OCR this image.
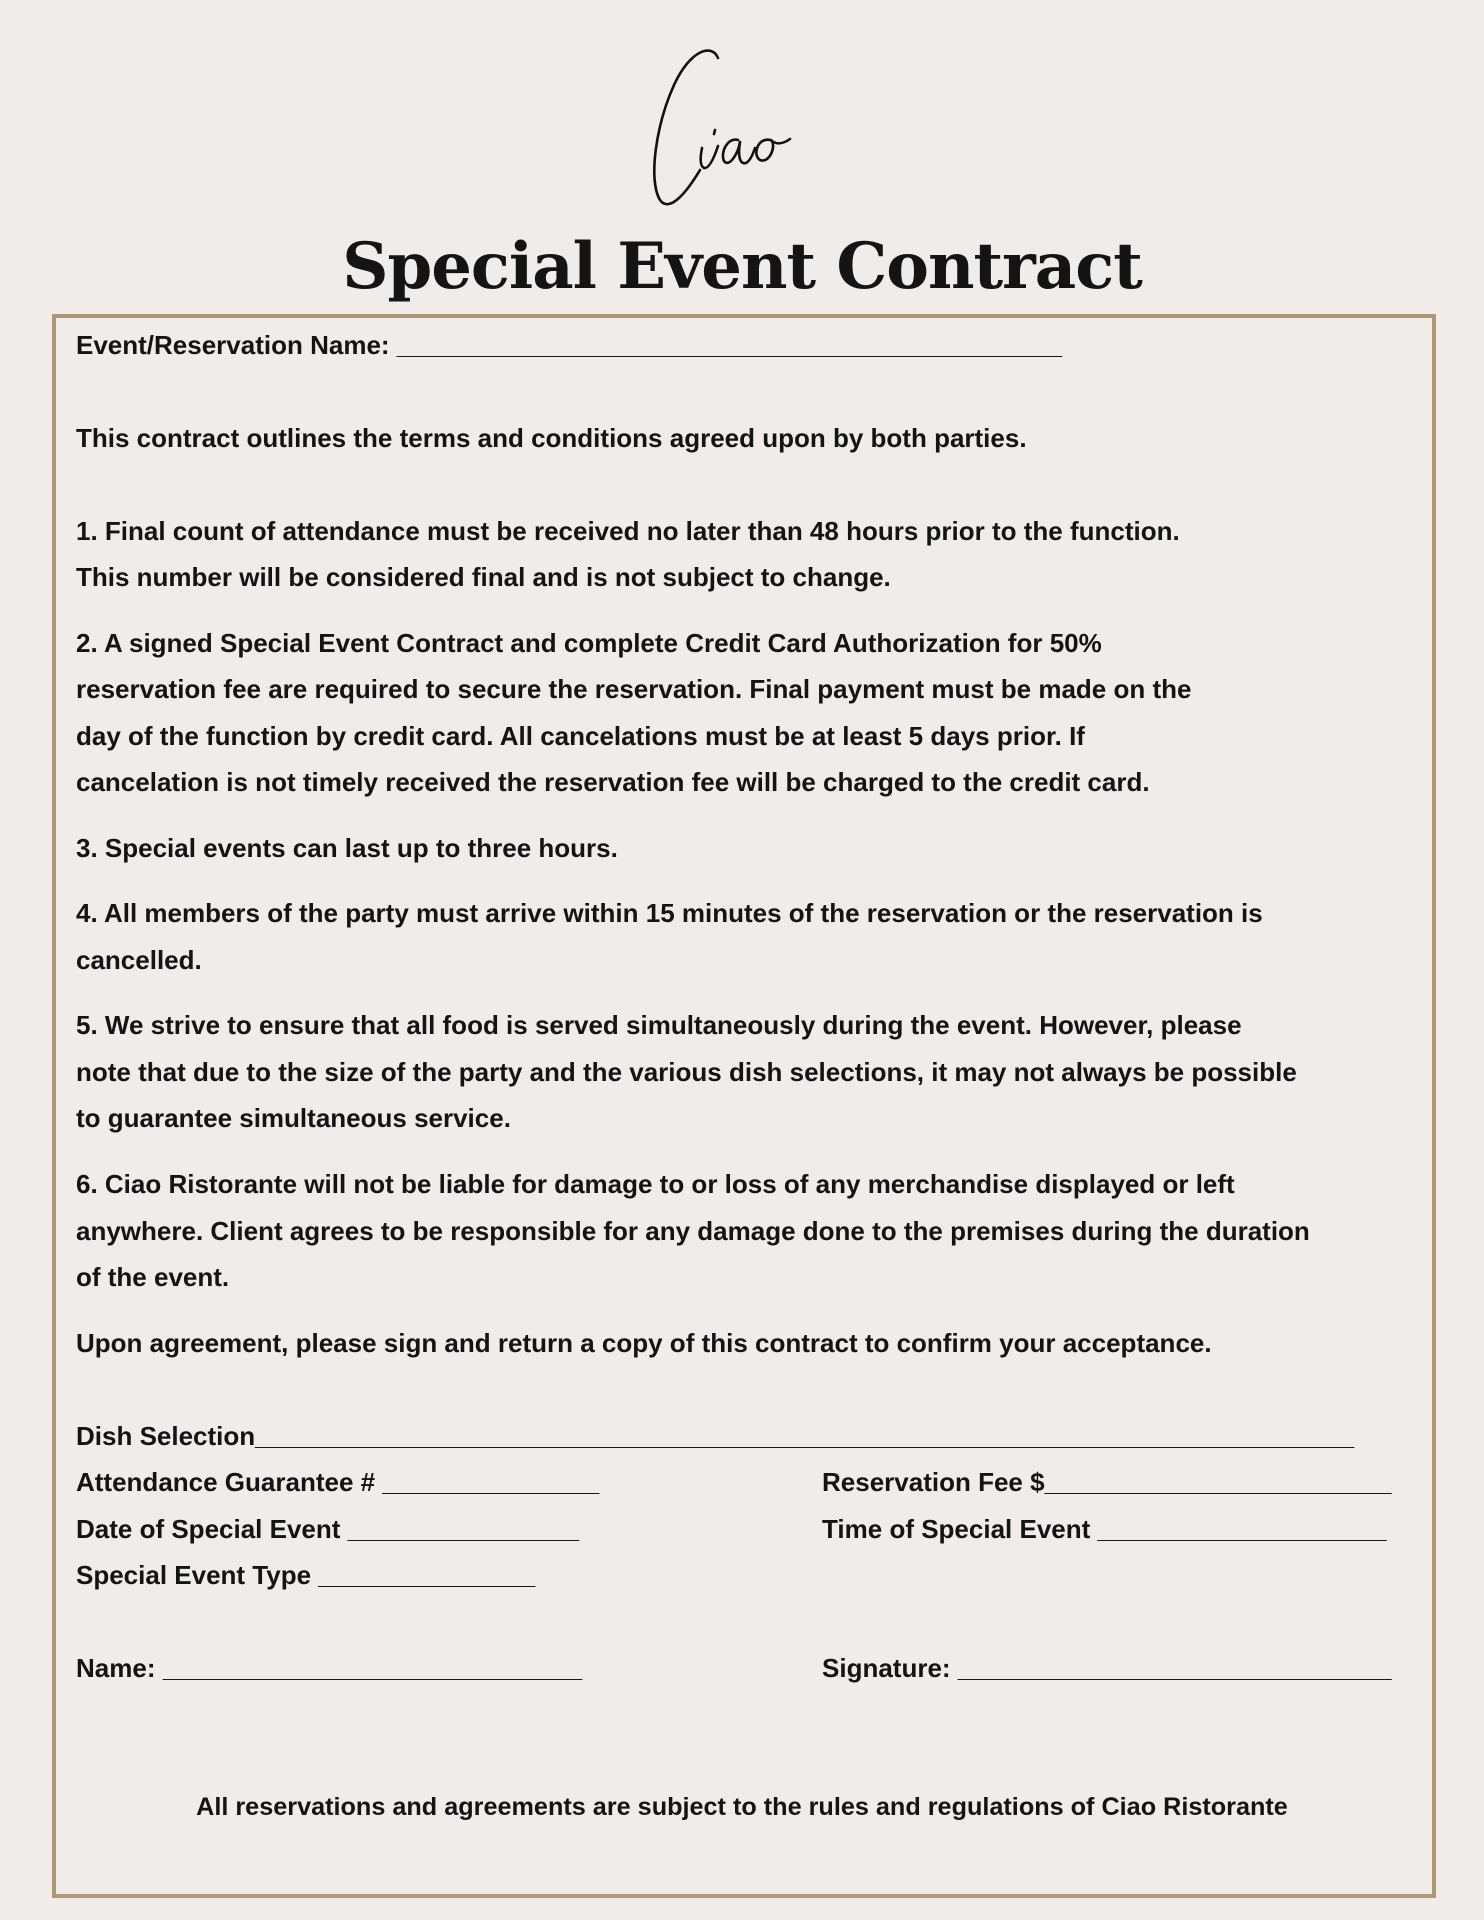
Special Event Contract

Event/Reservation Name: ______________________________________________

This contract outlines the terms and conditions agreed upon by both parties.

1. Final count of attendance must be received no later than 48 hours prior to the function.

This number will be considered final and is not subject to change.

2. A signed Special Event Contract and complete Credit Card Authorization for 50%

reservation fee are required to secure the reservation. Final payment must be made on the

day of the function by credit card. All cancelations must be at least 5 days prior. If

cancelation is not timely received the reservation fee will be charged to the credit card.

3. Special events can last up to three hours.

4. All members of the party must arrive within 15 minutes of the reservation or the reservation is

cancelled.

5. We strive to ensure that all food is served simultaneously during the event. However, please

note that due to the size of the party and the various dish selections, it may not always be possible

to guarantee simultaneous service.

6. Ciao Ristorante will not be liable for damage to or loss of any merchandise displayed or left

anywhere. Client agrees to be responsible for any damage done to the premises during the duration

of the event.

Upon agreement, please sign and return a copy of this contract to confirm your acceptance.

Dish Selection____________________________________________________________________________

Attendance Guarantee # _______________	Reservation Fee $________________________

Date of Special Event ________________	Time of Special Event ____________________

Special Event Type _______________

Name: _____________________________	Signature: ______________________________

All reservations and agreements are subject to the rules and regulations of Ciao Ristorante
